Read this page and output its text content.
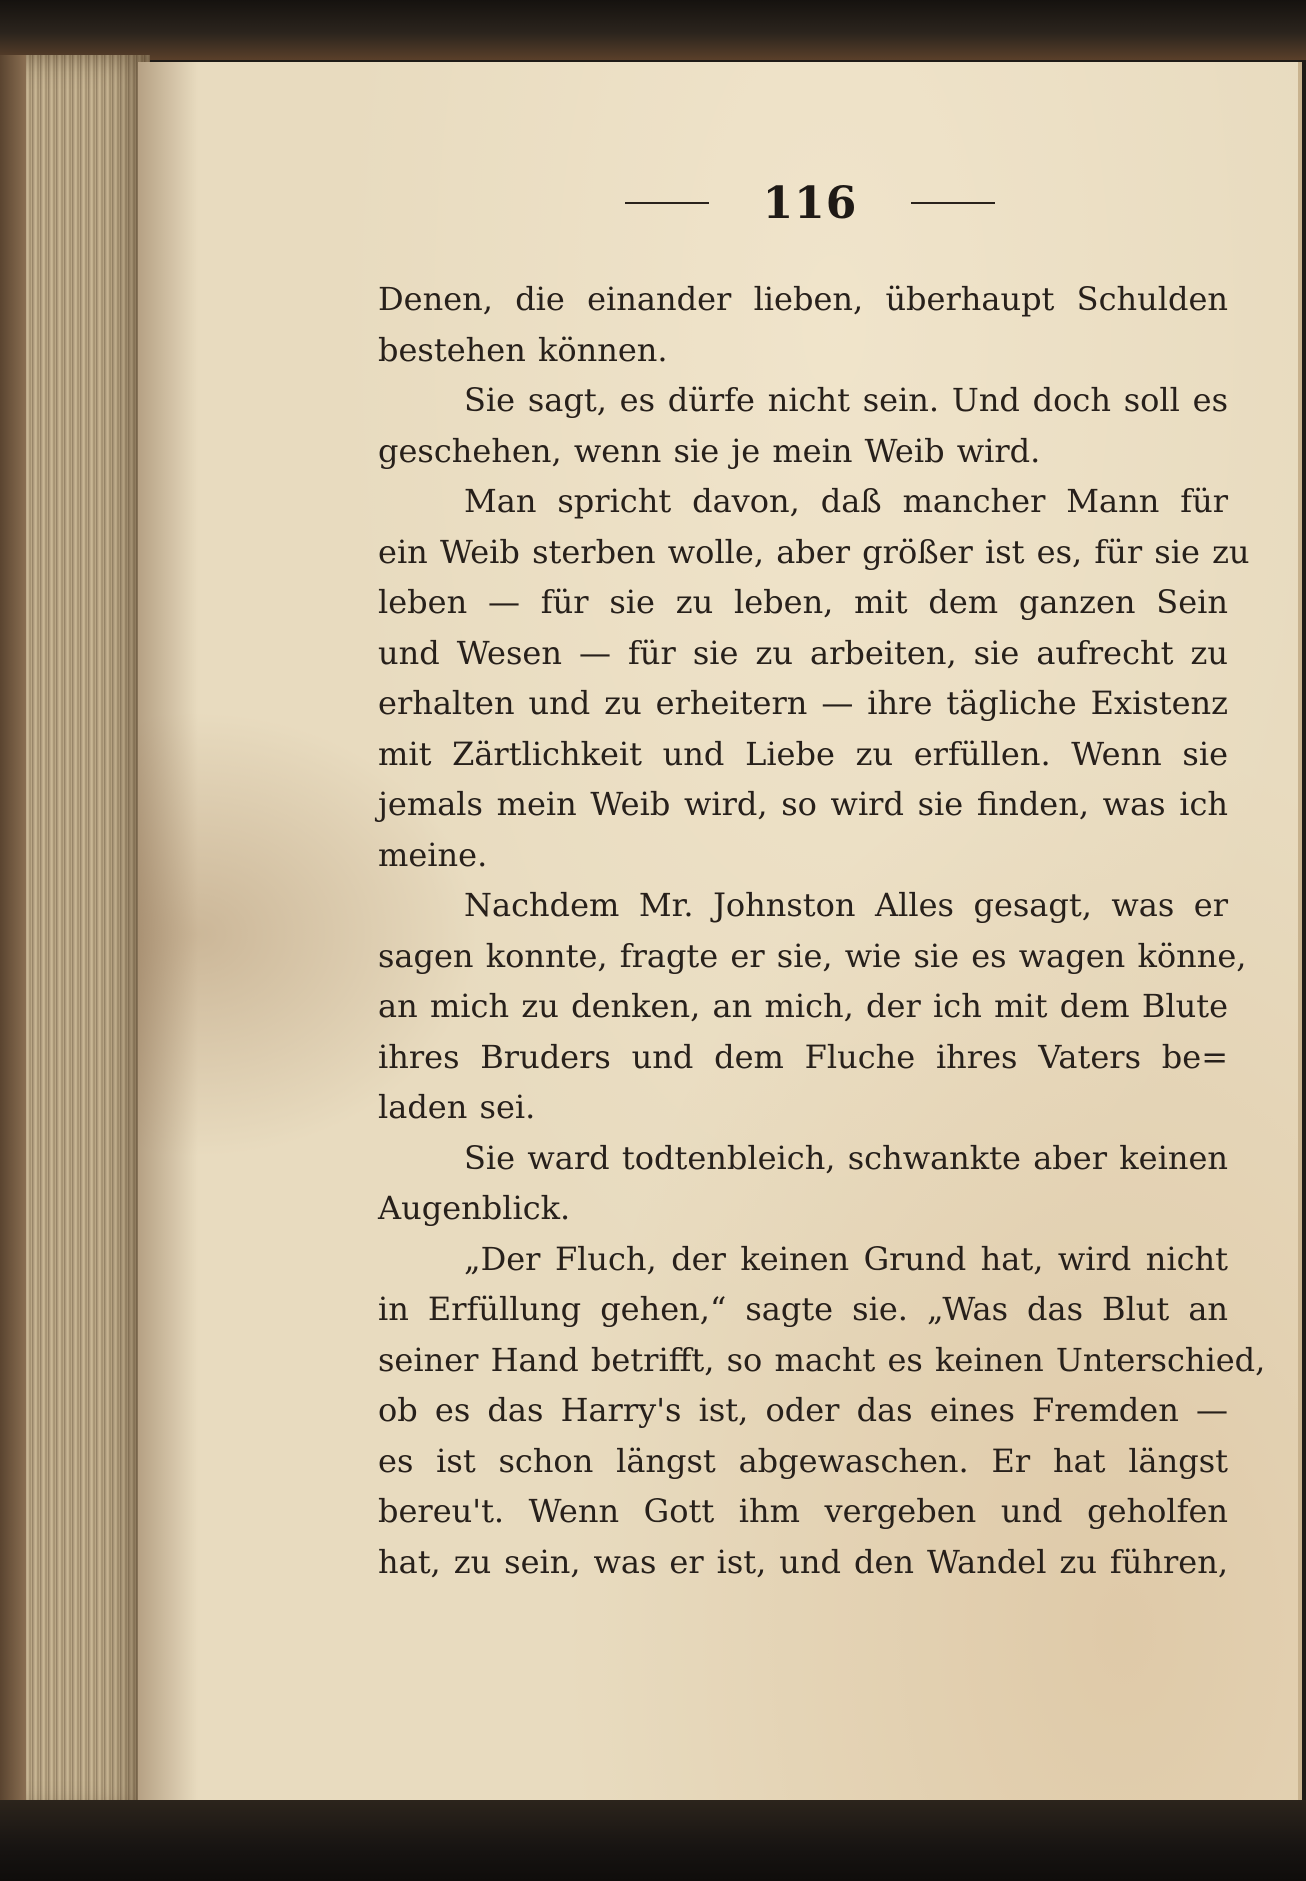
116
Denen, die einander lieben, überhaupt Schulden
bestehen können.
Sie sagt, es dürfe nicht sein. Und doch soll es
geschehen, wenn sie je mein Weib wird.
Man spricht davon, daß mancher Mann für
ein Weib sterben wolle, aber größer ist es, für sie zu
leben — für sie zu leben, mit dem ganzen Sein
und Wesen — für sie zu arbeiten, sie aufrecht zu
erhalten und zu erheitern — ihre tägliche Existenz
mit Zärtlichkeit und Liebe zu erfüllen. Wenn sie
jemals mein Weib wird, so wird sie finden, was ich
meine.
Nachdem Mr. Johnston Alles gesagt, was er
sagen konnte, fragte er sie, wie sie es wagen könne,
an mich zu denken, an mich, der ich mit dem Blute
ihres Bruders und dem Fluche ihres Vaters be=
laden sei.
Sie ward todtenbleich, schwankte aber keinen
Augenblick.
„Der Fluch, der keinen Grund hat, wird nicht
in Erfüllung gehen,“ sagte sie. „Was das Blut an
seiner Hand betrifft, so macht es keinen Unterschied,
ob es das Harry's ist, oder das eines Fremden —
es ist schon längst abgewaschen. Er hat längst
bereu't. Wenn Gott ihm vergeben und geholfen
hat, zu sein, was er ist, und den Wandel zu führen,
